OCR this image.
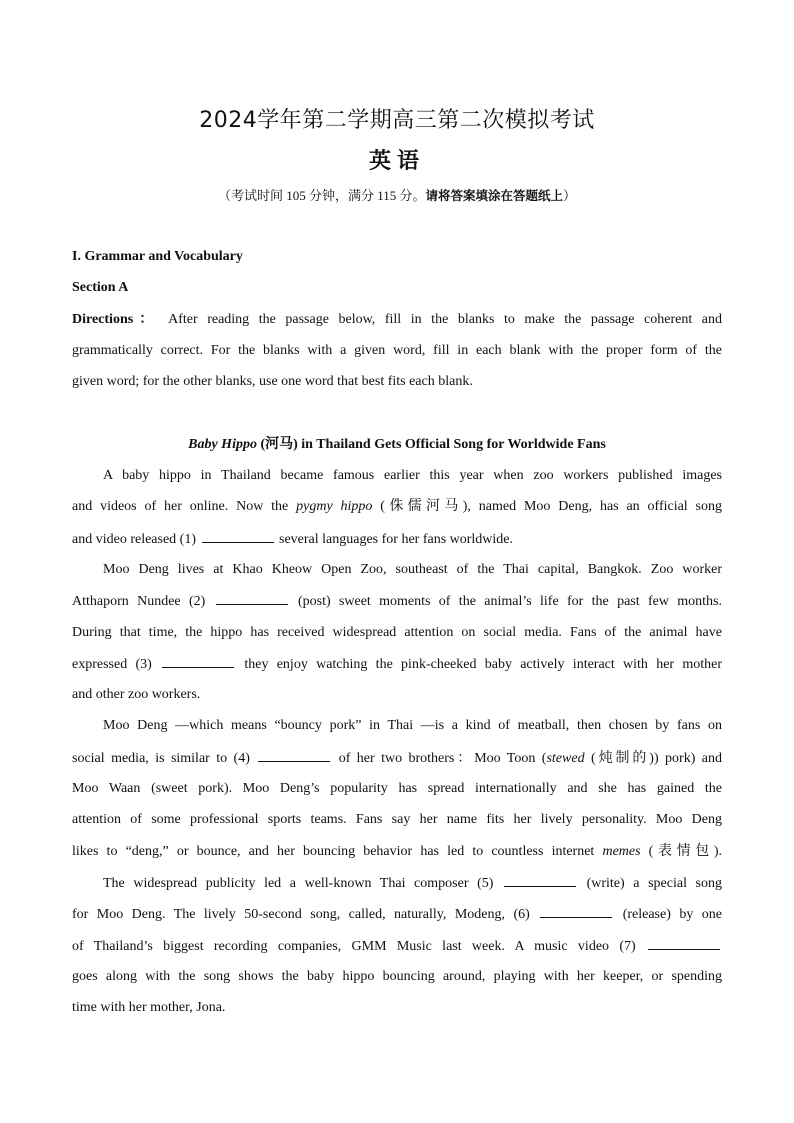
2024学年第二学期高三第二次模拟考试
英语
（考试时间 105 分钟，满分 115 分。请将答案填涂在答题纸上）
I. Grammar and Vocabulary
Section A
Directions： After reading the passage below, fill in the blanks to make the passage coherent and
grammatically correct. For the blanks with a given word, fill in each blank with the proper form of the
given word; for the other blanks, use one word that best fits each blank.
Baby Hippo (河马) in Thailand Gets Official Song for Worldwide Fans
A baby hippo in Thailand became famous earlier this year when zoo workers published images
and videos of her online. Now the pygmy hippo (侏儒河马), named Moo Deng, has an official song
and video released (1)	several languages for her fans worldwide.
Moo Deng lives at Khao Kheow Open Zoo, southeast of the Thai capital, Bangkok. Zoo worker
Atthaporn Nundee (2)	(post) sweet moments of the animal’s life for the past few months.
During that time, the hippo has received widespread attention on social media. Fans of the animal have
expressed (3)	they enjoy watching the pink-cheeked baby actively interact with her mother
and other zoo workers.
Moo Deng —which means “bouncy pork” in Thai —is a kind of meatball, then chosen by fans on
social media, is similar to (4)	of her two brothers：Moo Toon (stewed (炖制的)) pork) and
Moo Waan (sweet pork). Moo Deng’s popularity has spread internationally and she has gained the
attention of some professional sports teams. Fans say her name fits her lively personality. Moo Deng
likes to “deng,” or bounce, and her bouncing behavior has led to countless internet memes (表情包).
The widespread publicity led a well-known Thai composer (5)	(write) a special song
for Moo Deng. The lively 50-second song, called, naturally, Modeng, (6)	(release) by one
of Thailand’s biggest recording companies, GMM Music last week. A music video (7)
goes along with the song shows the baby hippo bouncing around, playing with her keeper, or spending
time with her mother, Jona.
